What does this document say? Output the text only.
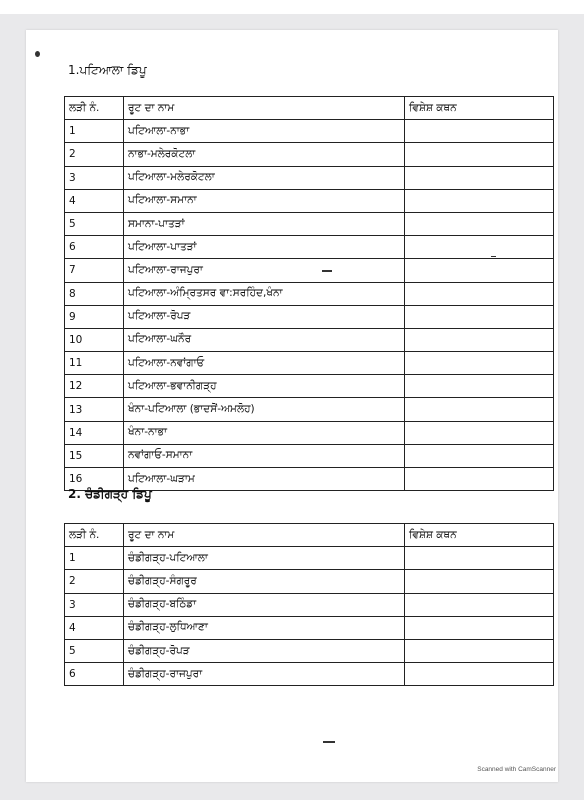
1.ਪਟਿਆਲਾ ਡਿਪੂ
ਲੜੀ ਨੰ.	ਰੂਟ ਦਾ ਨਾਮ	ਵਿਸ਼ੇਸ਼ ਕਥਨ
1	ਪਟਿਆਲਾ-ਨਾਭਾ	
2	ਨਾਭਾ-ਮਲੇਰਕੋਟਲਾ	
3	ਪਟਿਆਲਾ-ਮਲੇਰਕੋਟਲਾ	
4	ਪਟਿਆਲਾ-ਸਮਾਨਾ	
5	ਸਮਾਨਾ-ਪਾਤੜਾਂ	
6	ਪਟਿਆਲਾ-ਪਾਤੜਾਂ	
7	ਪਟਿਆਲਾ-ਰਾਜਪੁਰਾ	
8	ਪਟਿਆਲਾ-ਅੰਮ੍ਰਿਤਸਰ ਵਾ:ਸਰਹਿੰਦ,ਖੰਨਾ	
9	ਪਟਿਆਲਾ-ਰੋਪੜ	
10	ਪਟਿਆਲਾ-ਘਨੌਰ	
11	ਪਟਿਆਲਾ-ਨਵਾਂਗਾਓ	
12	ਪਟਿਆਲਾ-ਭਵਾਨੀਗੜ੍ਹ	
13	ਖੰਨਾ-ਪਟਿਆਲਾ (ਭਾਦਸੋਂ-ਅਮਲੋਹ)	
14	ਖੰਨਾ-ਨਾਭਾ	
15	ਨਵਾਂਗਾਓ-ਸਮਾਨਾ	
16	ਪਟਿਆਲਾ-ਘੜਾਮ	
2. ਚੰਡੀਗੜ੍ਹ ਡਿਪੂ
ਲੜੀ ਨੰ.	ਰੂਟ ਦਾ ਨਾਮ	ਵਿਸ਼ੇਸ਼ ਕਥਨ
1	ਚੰਡੀਗੜ੍ਹ-ਪਟਿਆਲਾ	
2	ਚੰਡੀਗੜ੍ਹ-ਸੰਗਰੂਰ	
3	ਚੰਡੀਗੜ੍ਹ-ਬਠਿੰਡਾ	
4	ਚੰਡੀਗੜ੍ਹ-ਲੁਧਿਆਣਾ	
5	ਚੰਡੀਗੜ੍ਹ-ਰੋਪੜ	
6	ਚੰਡੀਗੜ੍ਹ-ਰਾਜਪੁਰਾ	
Scanned with CamScanner
